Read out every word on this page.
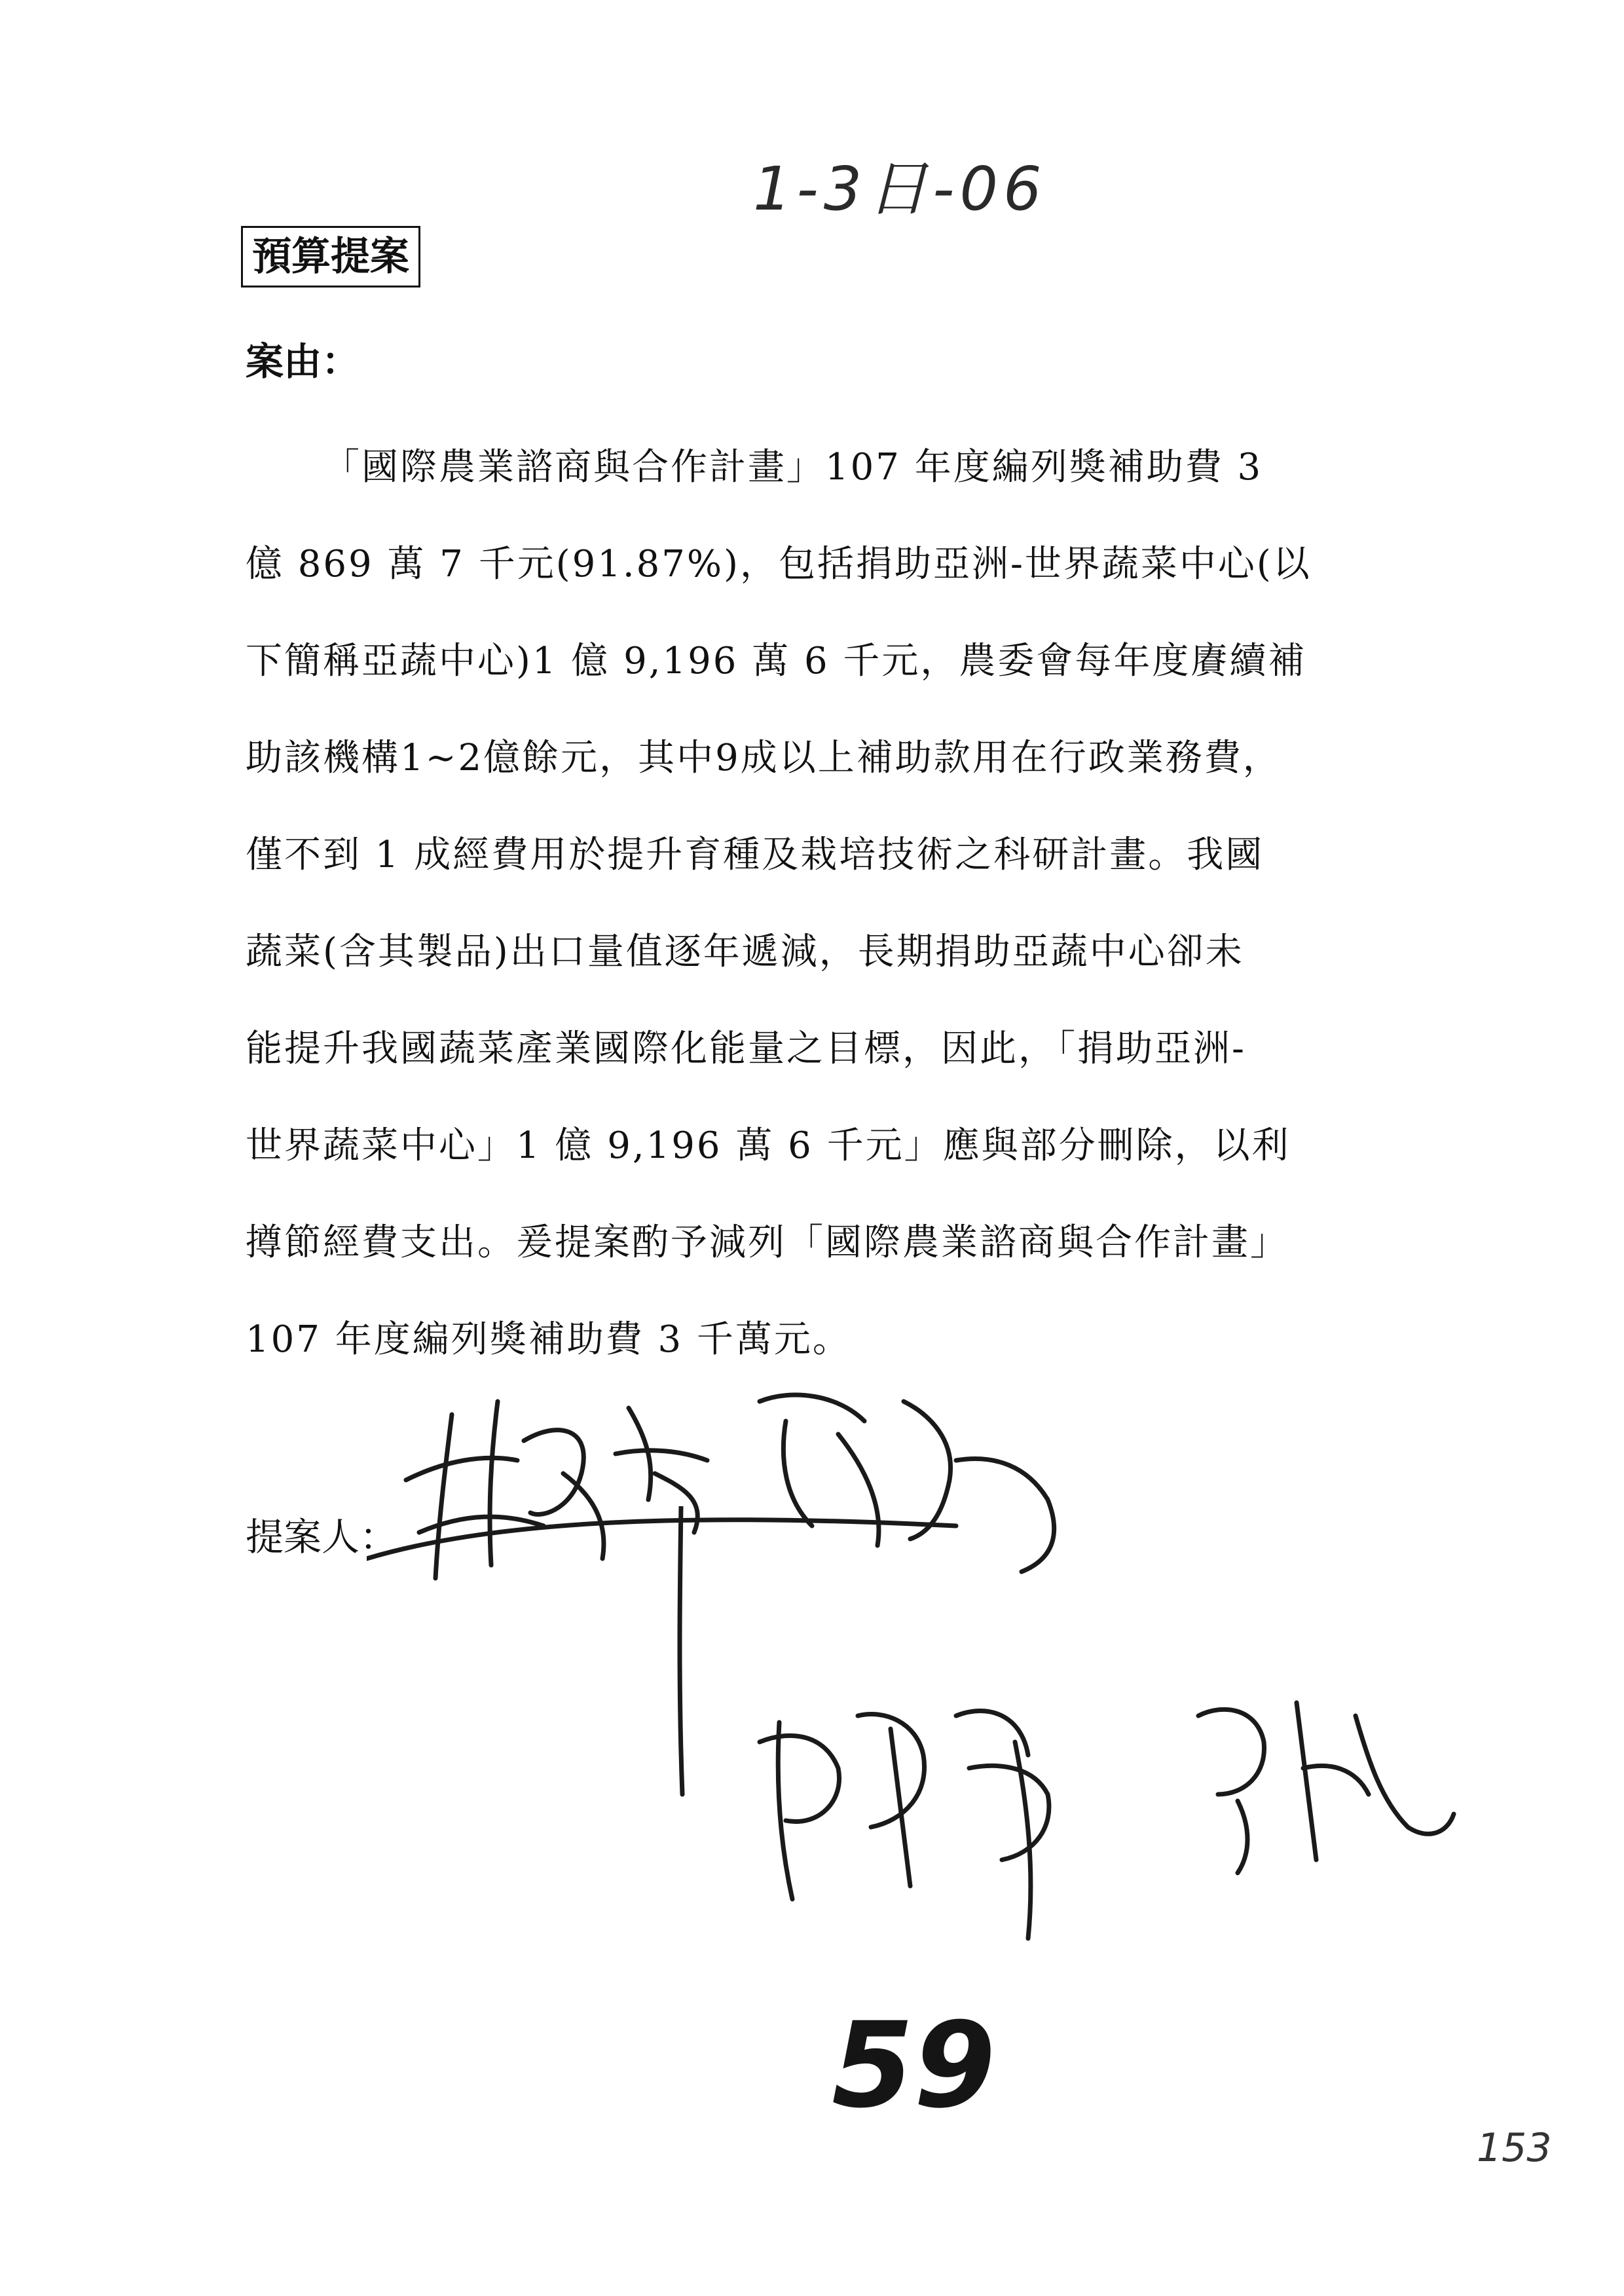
1-3日-06
預算提案
案由：
「國際農業諮商與合作計畫」107 年度編列獎補助費 3
億 869 萬 7 千元(91.87%)，包括捐助亞洲-世界蔬菜中心(以
下簡稱亞蔬中心)1 億 9,196 萬 6 千元，農委會每年度賡續補
助該機構1~2億餘元，其中9成以上補助款用在行政業務費，
僅不到 1 成經費用於提升育種及栽培技術之科研計畫。我國
蔬菜(含其製品)出口量值逐年遞減，長期捐助亞蔬中心卻未
能提升我國蔬菜產業國際化能量之目標，因此，「捐助亞洲-
世界蔬菜中心」1 億 9,196 萬 6 千元」應與部分刪除，以利
撙節經費支出。爰提案酌予減列「國際農業諮商與合作計畫」
107 年度編列獎補助費 3 千萬元。
提案人：
59
153
